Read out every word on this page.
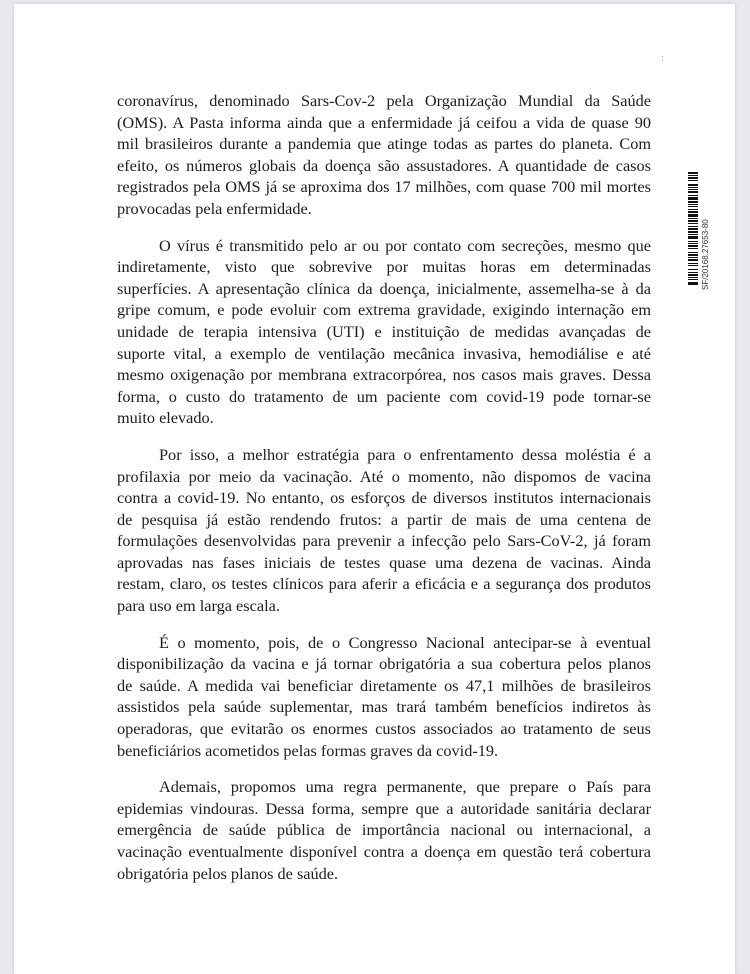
:
coronavírus, denominado Sars-Cov-2 pela Organização Mundial da Saúde
(OMS). A Pasta informa ainda que a enfermidade já ceifou a vida de quase 90
mil brasileiros durante a pandemia que atinge todas as partes do planeta. Com
efeito, os números globais da doença são assustadores. A quantidade de casos
registrados pela OMS já se aproxima dos 17 milhões, com quase 700 mil mortes
provocadas pela enfermidade.
O vírus é transmitido pelo ar ou por contato com secreções, mesmo que
indiretamente, visto que sobrevive por muitas horas em determinadas
superfícies. A apresentação clínica da doença, inicialmente, assemelha-se à da
gripe comum, e pode evoluir com extrema gravidade, exigindo internação em
unidade de terapia intensiva (UTI) e instituição de medidas avançadas de
suporte vital, a exemplo de ventilação mecânica invasiva, hemodiálise e até
mesmo oxigenação por membrana extracorpórea, nos casos mais graves. Dessa
forma, o custo do tratamento de um paciente com covid-19 pode tornar-se
muito elevado.
Por isso, a melhor estratégia para o enfrentamento dessa moléstia é a
profilaxia por meio da vacinação. Até o momento, não dispomos de vacina
contra a covid-19. No entanto, os esforços de diversos institutos internacionais
de pesquisa já estão rendendo frutos: a partir de mais de uma centena de
formulações desenvolvidas para prevenir a infecção pelo Sars-CoV-2, já foram
aprovadas nas fases iniciais de testes quase uma dezena de vacinas. Ainda
restam, claro, os testes clínicos para aferir a eficácia e a segurança dos produtos
para uso em larga escala.
É o momento, pois, de o Congresso Nacional antecipar-se à eventual
disponibilização da vacina e já tornar obrigatória a sua cobertura pelos planos
de saúde. A medida vai beneficiar diretamente os 47,1 milhões de brasileiros
assistidos pela saúde suplementar, mas trará também benefícios indiretos às
operadoras, que evitarão os enormes custos associados ao tratamento de seus
beneficiários acometidos pelas formas graves da covid-19.
Ademais, propomos uma regra permanente, que prepare o País para
epidemias vindouras. Dessa forma, sempre que a autoridade sanitária declarar
emergência de saúde pública de importância nacional ou internacional, a
vacinação eventualmente disponível contra a doença em questão terá cobertura
obrigatória pelos planos de saúde.
SF/20168.27653-80
